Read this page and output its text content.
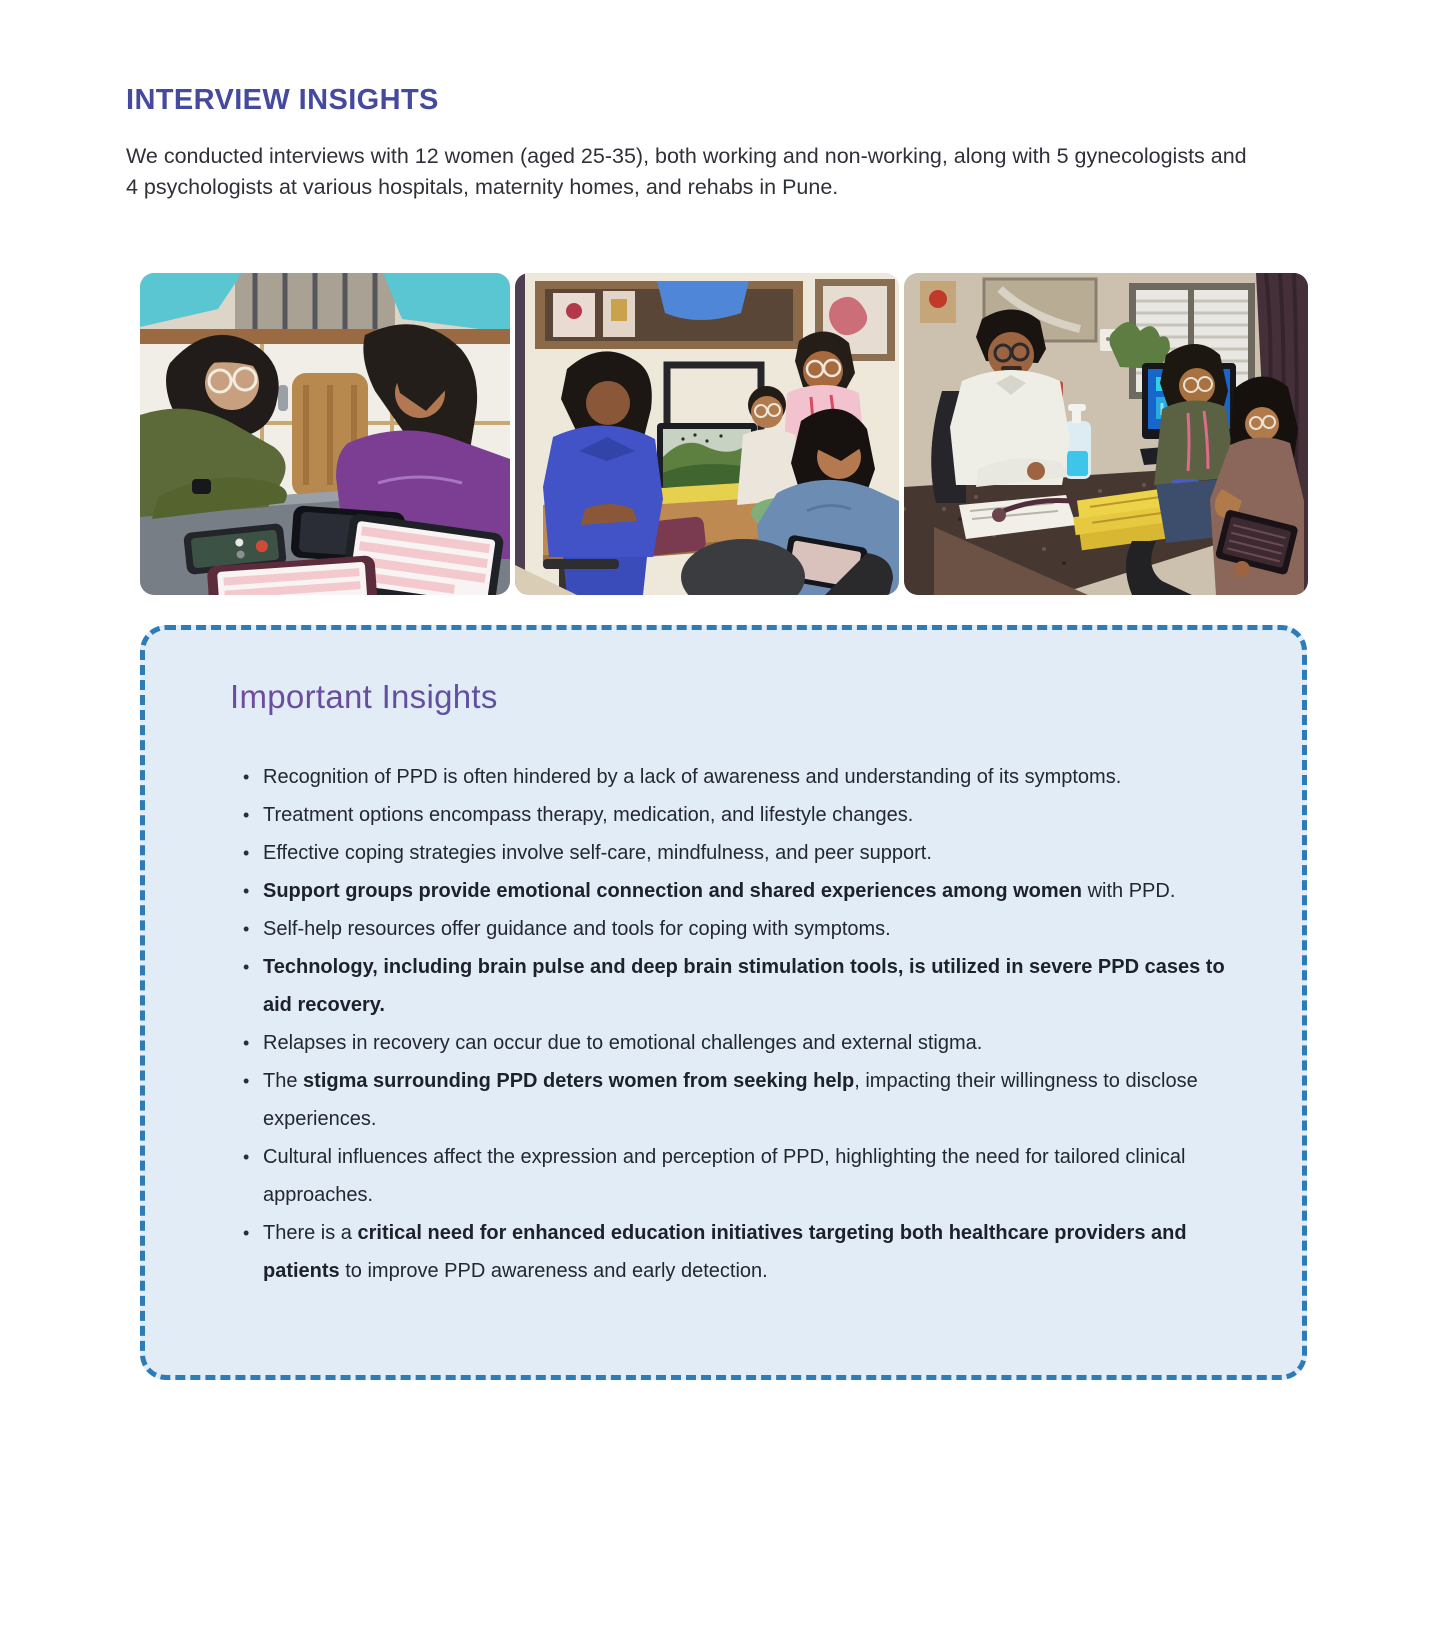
INTERVIEW INSIGHTS

We conducted interviews with 12 women (aged 25-35), both working and non-working, along with 5 gynecologists and 4 psychologists at various hospitals, maternity homes, and rehabs in Pune.

Important Insights
• Recognition of PPD is often hindered by a lack of awareness and understanding of its symptoms.
• Treatment options encompass therapy, medication, and lifestyle changes.
• Effective coping strategies involve self-care, mindfulness, and peer support.
• Support groups provide emotional connection and shared experiences among women with PPD.
• Self-help resources offer guidance and tools for coping with symptoms.
• Technology, including brain pulse and deep brain stimulation tools, is utilized in severe PPD cases to aid recovery.
• Relapses in recovery can occur due to emotional challenges and external stigma.
• The stigma surrounding PPD deters women from seeking help, impacting their willingness to disclose experiences.
• Cultural influences affect the expression and perception of PPD, highlighting the need for tailored clinical approaches.
• There is a critical need for enhanced education initiatives targeting both healthcare providers and patients to improve PPD awareness and early detection.
